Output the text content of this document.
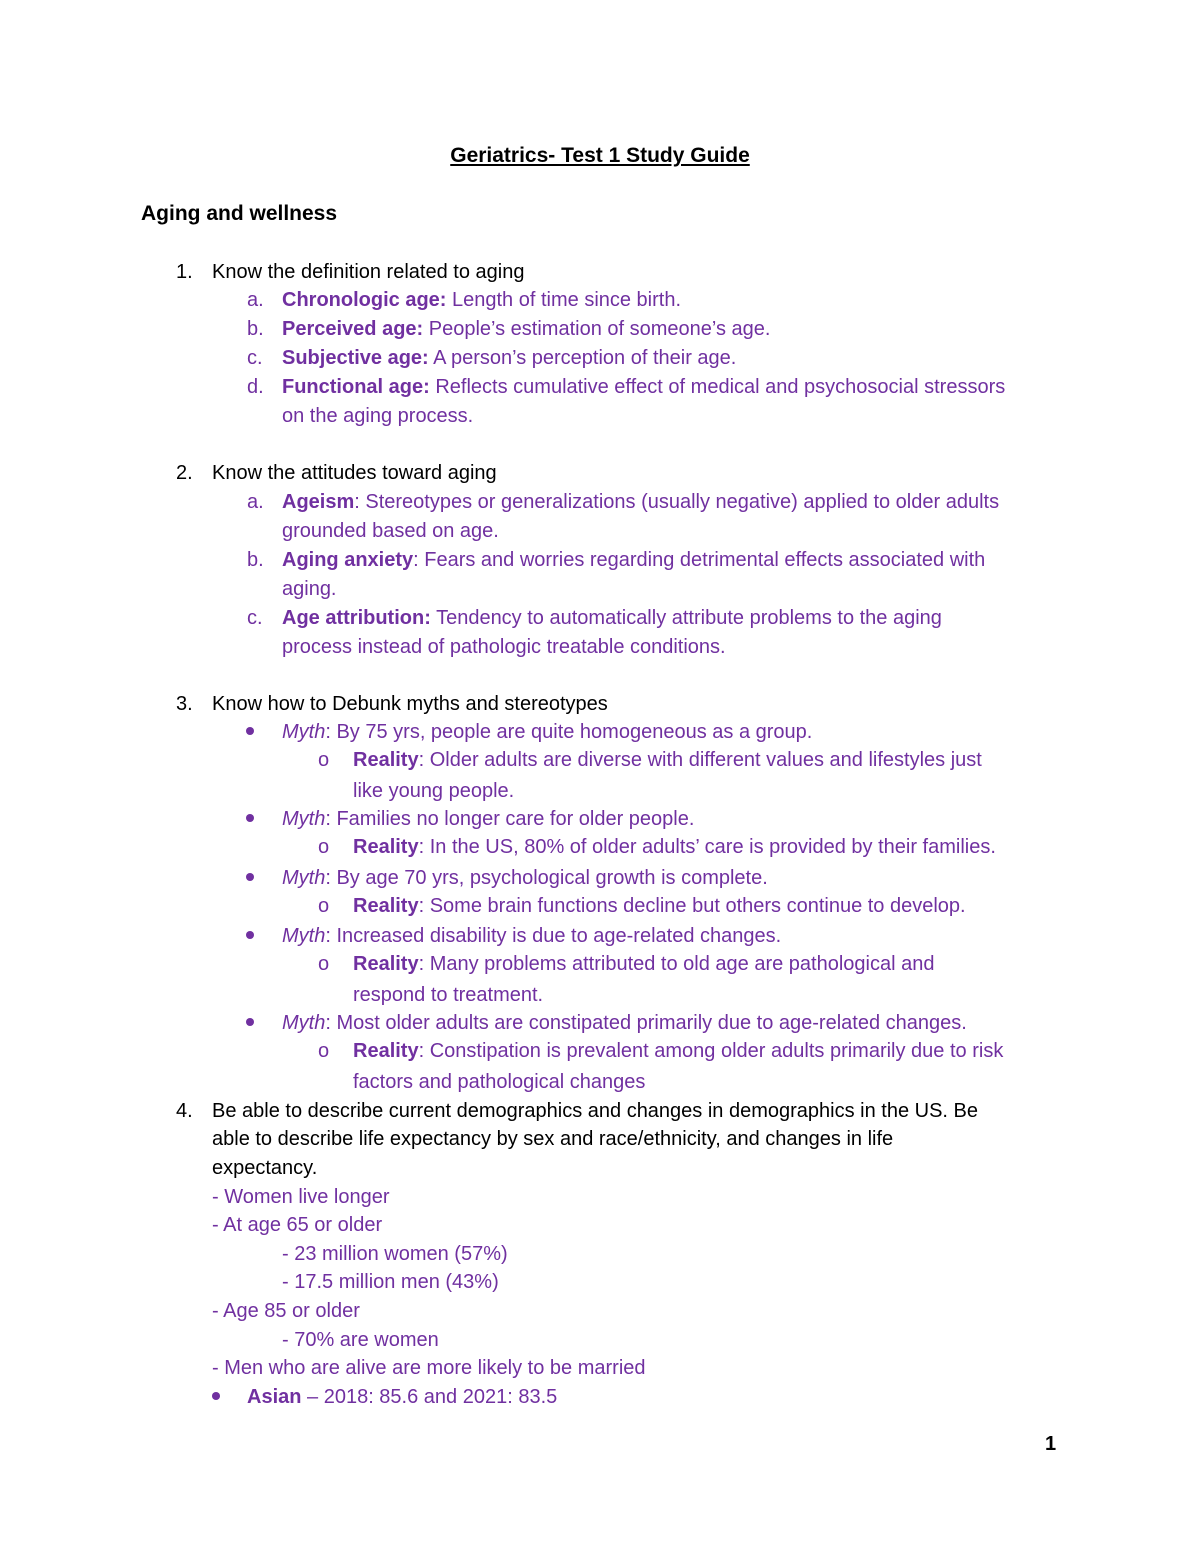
Geriatrics- Test 1 Study Guide
Aging and wellness
1. Know the definition related to aging
a. Chronologic age: Length of time since birth.
b. Perceived age: People’s estimation of someone’s age.
c. Subjective age: A person’s perception of their age.
d. Functional age: Reflects cumulative effect of medical and psychosocial stressors
on the aging process.
2. Know the attitudes toward aging
a. Ageism: Stereotypes or generalizations (usually negative) applied to older adults
grounded based on age.
b. Aging anxiety: Fears and worries regarding detrimental effects associated with
aging.
c. Age attribution: Tendency to automatically attribute problems to the aging
process instead of pathologic treatable conditions.
3. Know how to Debunk myths and stereotypes
Myth: By 75 yrs, people are quite homogeneous as a group.
o Reality: Older adults are diverse with different values and lifestyles just
like young people.
Myth: Families no longer care for older people.
o Reality: In the US, 80% of older adults’ care is provided by their families.
Myth: By age 70 yrs, psychological growth is complete.
o Reality: Some brain functions decline but others continue to develop.
Myth: Increased disability is due to age-related changes.
o Reality: Many problems attributed to old age are pathological and
respond to treatment.
Myth: Most older adults are constipated primarily due to age-related changes.
o Reality: Constipation is prevalent among older adults primarily due to risk
factors and pathological changes
4. Be able to describe current demographics and changes in demographics in the US. Be
able to describe life expectancy by sex and race/ethnicity, and changes in life
expectancy.
- Women live longer
- At age 65 or older
- 23 million women (57%)
- 17.5 million men (43%)
- Age 85 or older
- 70% are women
- Men who are alive are more likely to be married
Asian – 2018: 85.6 and 2021: 83.5
1
